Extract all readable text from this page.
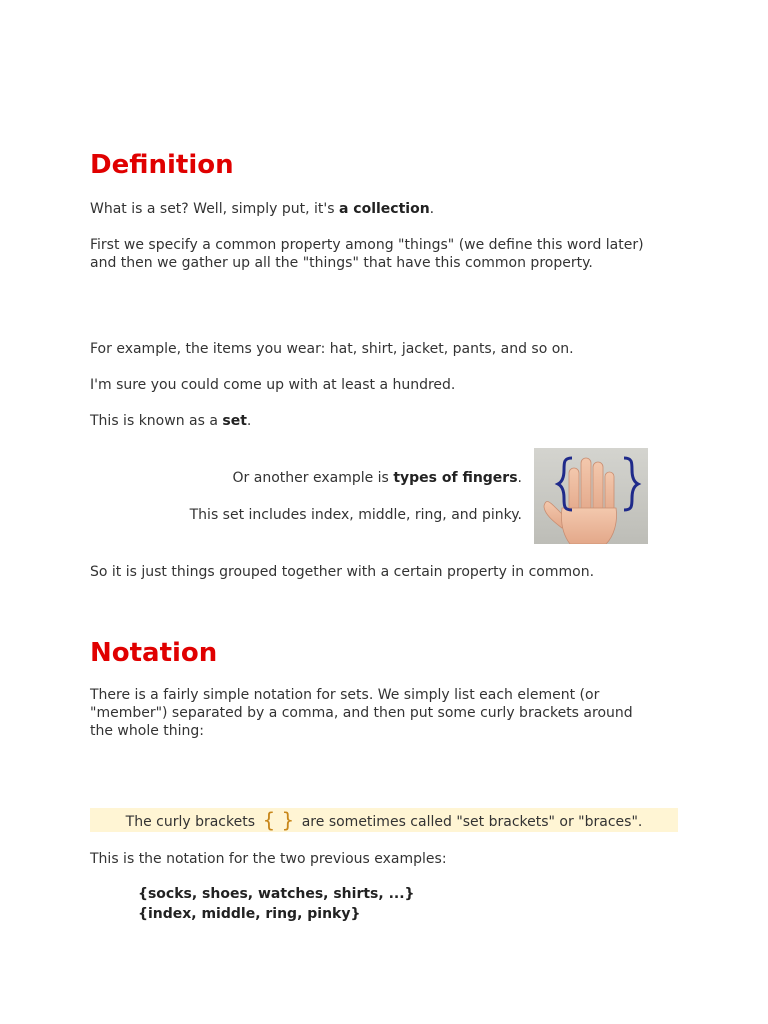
Definition

What is a set? Well, simply put, it's a collection.

First we specify a common property among "things" (we define this word later)
and then we gather up all the "things" that have this common property.

For example, the items you wear: hat, shirt, jacket, pants, and so on.

I'm sure you could come up with at least a hundred.

This is known as a set.

Or another example is types of fingers.

This set includes index, middle, ring, and pinky.

So it is just things grouped together with a certain property in common.

Notation

There is a fairly simple notation for sets. We simply list each element (or
"member") separated by a comma, and then put some curly brackets around
the whole thing:

The curly brackets { } are sometimes called "set brackets" or "braces".

This is the notation for the two previous examples:

{socks, shoes, watches, shirts, ...}
{index, middle, ring, pinky}
